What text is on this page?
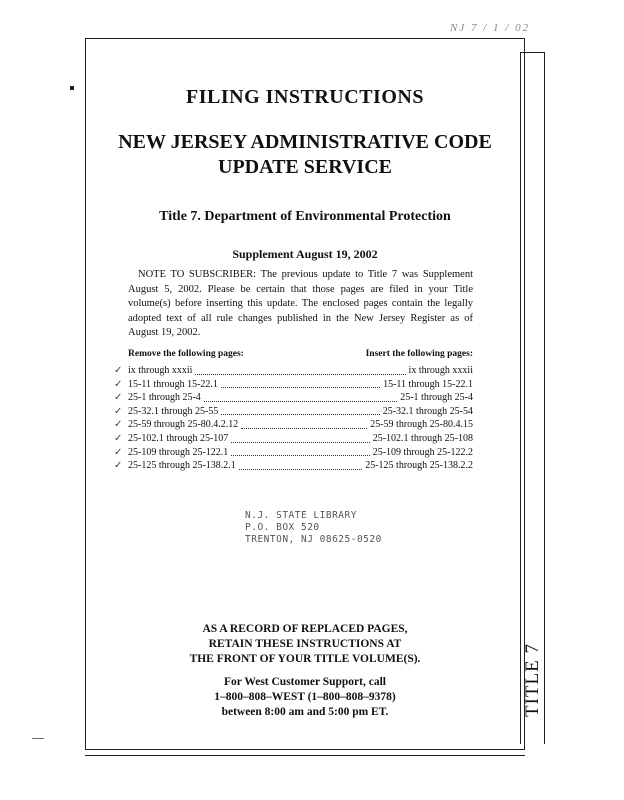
TITLE 7
NJ 7 / 1 / 02
FILING INSTRUCTIONS
NEW JERSEY ADMINISTRATIVE CODE
UPDATE SERVICE
Title 7. Department of Environmental Protection
Supplement August 19, 2002
NOTE TO SUBSCRIBER: The previous update to Title 7 was Supplement August 5, 2002. Please be certain that those pages are filed in your Title volume(s) before inserting this update. The enclosed pages contain the legally adopted text of all rule changes published in the New Jersey Register as of August 19, 2002.
Remove the following pages:	Insert the following pages:
✓ ix through xxxii	ix through xxxii
✓ 15-11 through 15-22.1	15-11 through 15-22.1
✓ 25-1 through 25-4	25-1 through 25-4
✓ 25-32.1 through 25-55	25-32.1 through 25-54
✓ 25-59 through 25-80.4.2.12	25-59 through 25-80.4.15
✓ 25-102.1 through 25-107	25-102.1 through 25-108
✓ 25-109 through 25-122.1	25-109 through 25-122.2
✓ 25-125 through 25-138.2.1	25-125 through 25-138.2.2
N.J. STATE LIBRARY
P.O. BOX 520
TRENTON, NJ 08625-0520
AS A RECORD OF REPLACED PAGES,
RETAIN THESE INSTRUCTIONS AT
THE FRONT OF YOUR TITLE VOLUME(S).
For West Customer Support, call
1–800–808–WEST (1–800–808–9378)
between 8:00 am and 5:00 pm ET.
